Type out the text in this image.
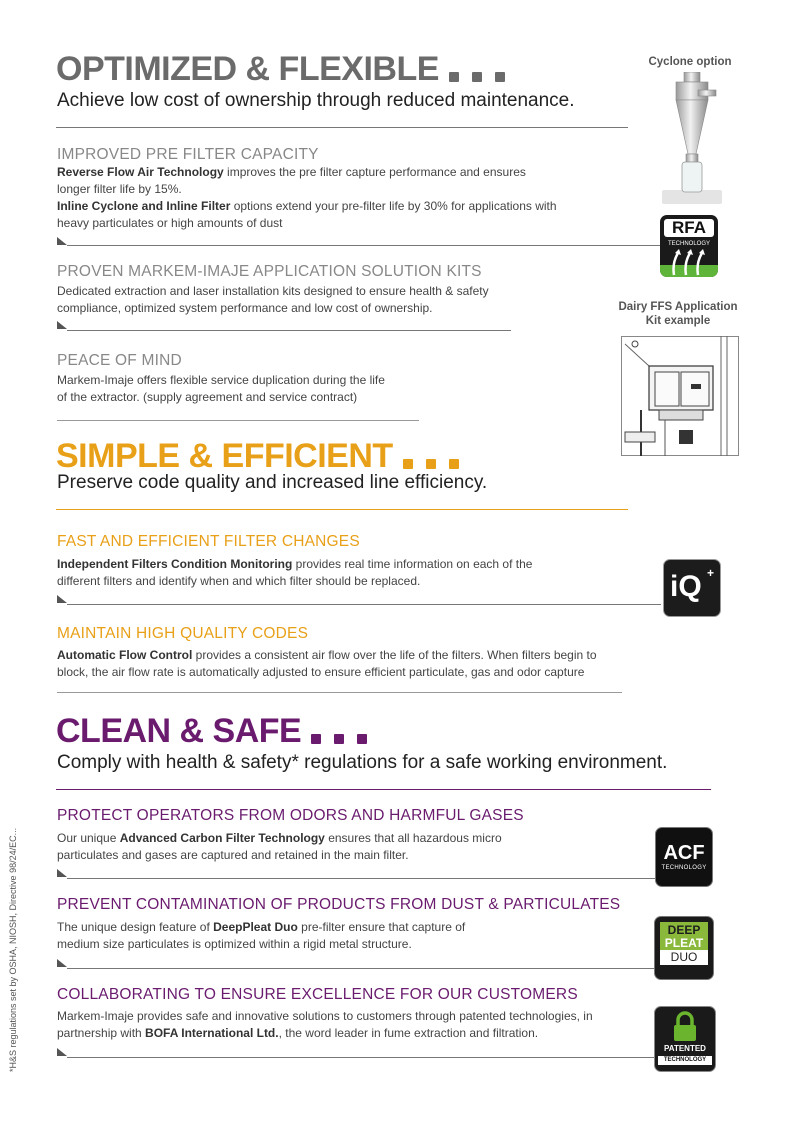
OPTIMIZED & FLEXIBLE
Achieve low cost of ownership through reduced maintenance.
IMPROVED PRE FILTER CAPACITY
Reverse Flow Air Technology improves the pre filter capture performance and ensures longer filter life by 15%.
Inline Cyclone and Inline Filter options extend your pre-filter life by 30% for applications with heavy particulates or high amounts of dust
PROVEN MARKEM-IMAJE APPLICATION SOLUTION KITS
Dedicated extraction and laser installation kits designed to ensure health & safety compliance, optimized system performance and low cost of ownership.
PEACE OF MIND
Markem-Imaje offers flexible service duplication during the life of the extractor. (supply agreement and service contract)
SIMPLE & EFFICIENT
Preserve code quality and increased line efficiency.
FAST AND EFFICIENT FILTER CHANGES
Independent Filters Condition Monitoring provides real time information on each of the different filters and identify when and which filter should be replaced.
MAINTAIN HIGH QUALITY CODES
Automatic Flow Control provides a consistent air flow over the life of the filters. When filters begin to block, the air flow rate is automatically adjusted to ensure efficient particulate, gas and odor capture
CLEAN & SAFE
Comply with health & safety* regulations for a safe working environment.
PROTECT OPERATORS FROM ODORS AND HARMFUL GASES
Our unique Advanced Carbon Filter Technology ensures that all hazardous micro particulates and gases are captured and retained in the main filter.
PREVENT CONTAMINATION OF PRODUCTS FROM DUST & PARTICULATES
The unique design feature of DeepPleat Duo pre-filter ensure that capture of medium size particulates is optimized within a rigid metal structure.
COLLABORATING TO ENSURE EXCELLENCE FOR OUR CUSTOMERS
Markem-Imaje provides safe and innovative solutions to customers through patented technologies, in partnership with BOFA International Ltd., the word leader in fume extraction and filtration.
Cyclone option
RFA
TECHNOLOGY
Dairy FFS Application Kit example
iQ +
ACF
TECHNOLOGY
DEEP
PLEAT
DUO
PATENTED
TECHNOLOGY
*H&S regulations set by OSHA, NIOSH, Directive 98/24/EC...
